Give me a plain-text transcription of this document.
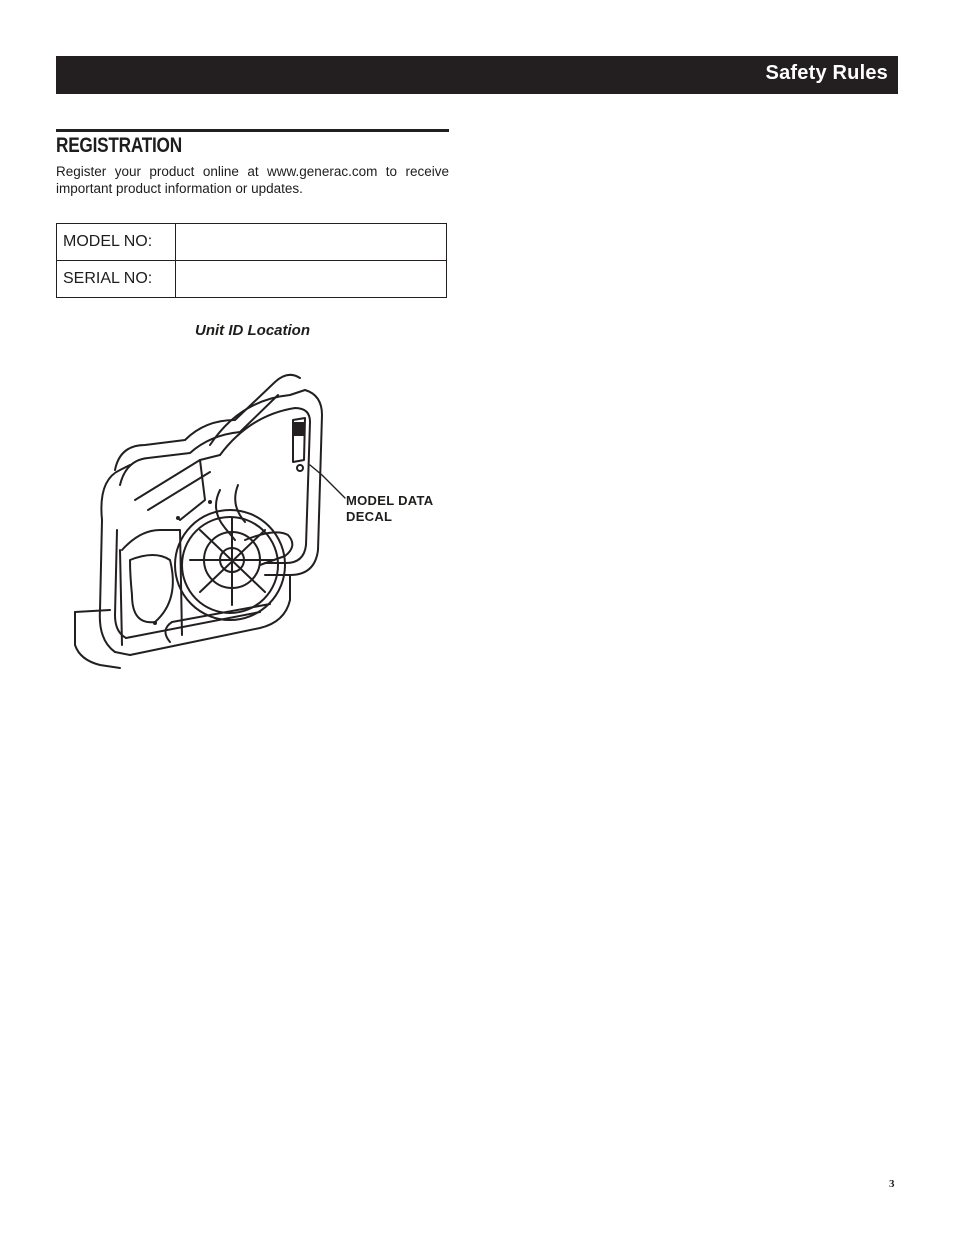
Safety Rules
REGISTRATION
Register your product online at www.generac.com to receive important product information or updates.
MODEL NO:	
SERIAL NO:	
Unit ID Location
MODEL DATA
DECAL
3
